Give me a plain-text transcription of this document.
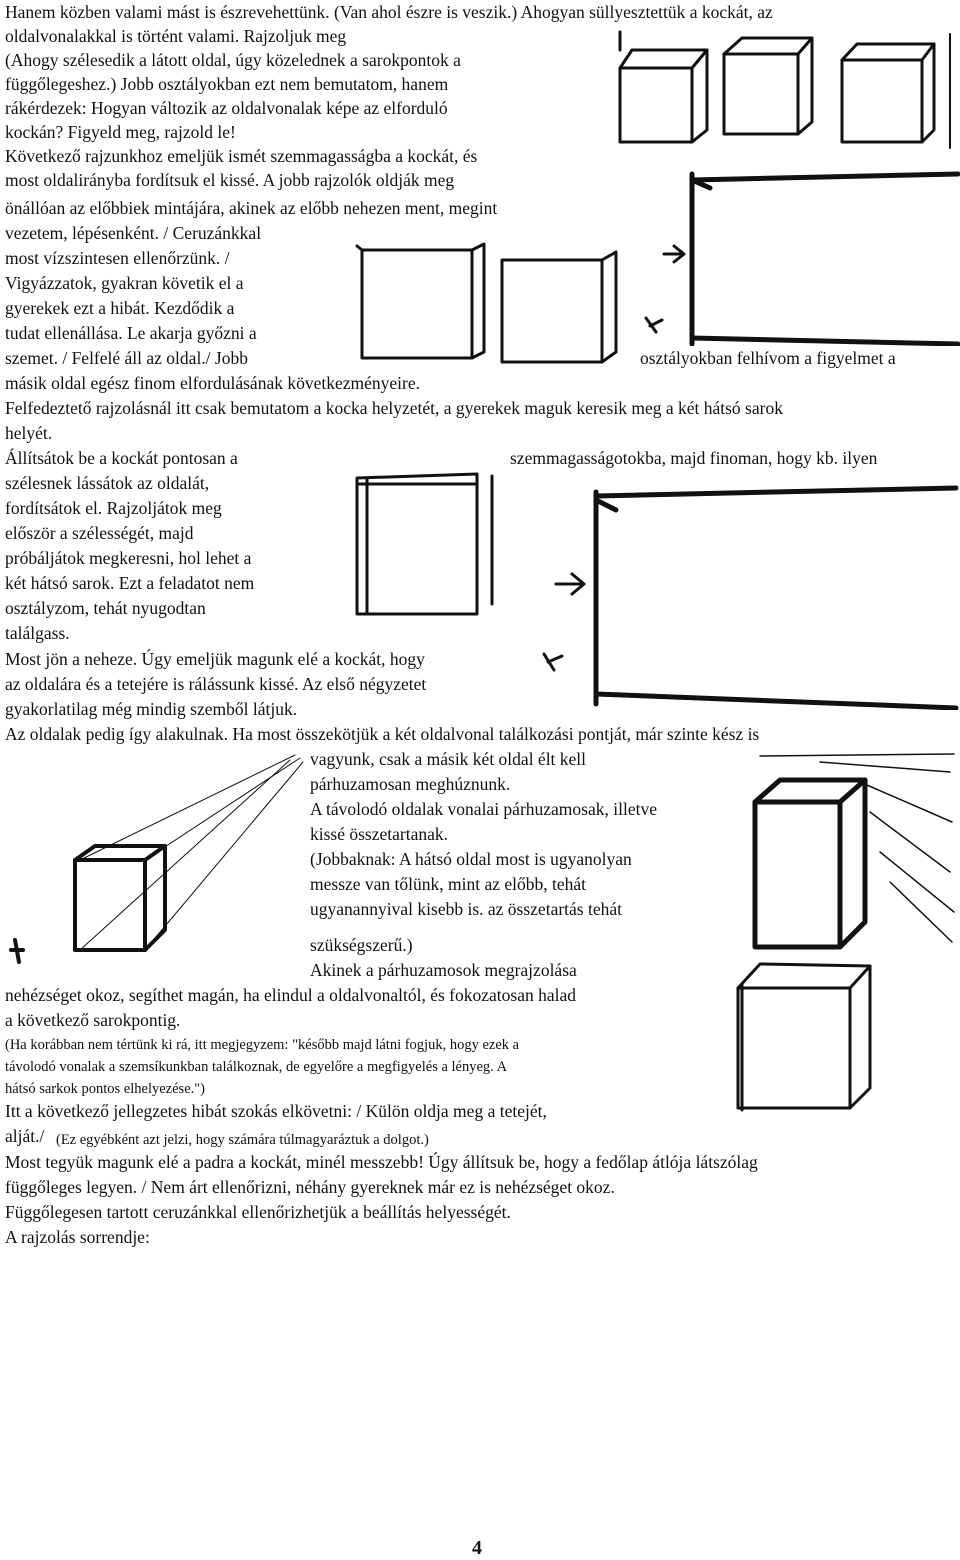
Hanem közben valami mást is észrevehettünk. (Van ahol észre is veszik.) Ahogyan süllyesztettük a kockát, az
oldalvonalakkal is történt valami. Rajzoljuk meg
(Ahogy szélesedik a látott oldal, úgy közelednek a sarokpontok a
függőlegeshez.) Jobb osztályokban ezt nem bemutatom, hanem
rákérdezek: Hogyan változik az oldalvonalak képe az elforduló
kockán? Figyeld meg, rajzold le!
Következő rajzunkhoz emeljük ismét szemmagasságba a kockát, és
most oldalirányba fordítsuk el kissé. A jobb rajzolók oldják meg
önállóan az előbbiek mintájára, akinek az előbb nehezen ment, megint
vezetem, lépésenként. / Ceruzánkkal
most vízszintesen ellenőrzünk. /
Vigyázzatok, gyakran követik el a
gyerekek ezt a hibát. Kezdődik a
tudat ellenállása. Le akarja győzni a
szemet. / Felfelé áll az oldal./ Jobb	osztályokban felhívom a figyelmet a
másik oldal egész finom elfordulásának következményeire.
Felfedeztető rajzolásnál itt csak bemutatom a kocka helyzetét, a gyerekek maguk keresik meg a két hátsó sarok
helyét.
Állítsátok be a kockát pontosan a	szemmagasságotokba, majd finoman, hogy kb. ilyen
szélesnek lássátok az oldalát,
fordítsátok el. Rajzoljátok meg
először a szélességét, majd
próbáljátok megkeresni, hol lehet a
két hátsó sarok. Ezt a feladatot nem
osztályzom, tehát nyugodtan
találgass.
Most jön a neheze. Úgy emeljük magunk elé a kockát, hogy
az oldalára és a tetejére is rálássunk kissé. Az első négyzetet
gyakorlatilag még mindig szemből látjuk.
Az oldalak pedig így alakulnak. Ha most összekötjük a két oldalvonal találkozási pontját, már szinte kész is
vagyunk, csak a másik két oldal élt kell
párhuzamosan meghúznunk.
A távolodó oldalak vonalai párhuzamosak, illetve
kissé összetartanak.
(Jobbaknak: A hátsó oldal most is ugyanolyan
messze van tőlünk, mint az előbb, tehát
ugyanannyival kisebb is. az összetartás tehát
szükségszerű.)
Akinek a párhuzamosok megrajzolása
nehézséget okoz, segíthet magán, ha elindul a oldalvonaltól, és fokozatosan halad
a következő sarokpontig.
(Ha korábban nem tértünk ki rá, itt megjegyzem: "később majd látni fogjuk, hogy ezek a
távolodó vonalak a szemsíkunkban találkoznak, de egyelőre a megfigyelés a lényeg. A
hátsó sarkok pontos elhelyezése.")
Itt a következő jellegzetes hibát szokás elkövetni: / Külön oldja meg a tetejét,
alját./ (Ez egyébként azt jelzi, hogy számára túlmagyaráztuk a dolgot.)
Most tegyük magunk elé a padra a kockát, minél messzebb! Úgy állítsuk be, hogy a fedőlap átlója látszólag
függőleges legyen. / Nem árt ellenőrizni, néhány gyereknek már ez is nehézséget okoz.
Függőlegesen tartott ceruzánkkal ellenőrizhetjük a beállítás helyességét.
A rajzolás sorrendje:
4
